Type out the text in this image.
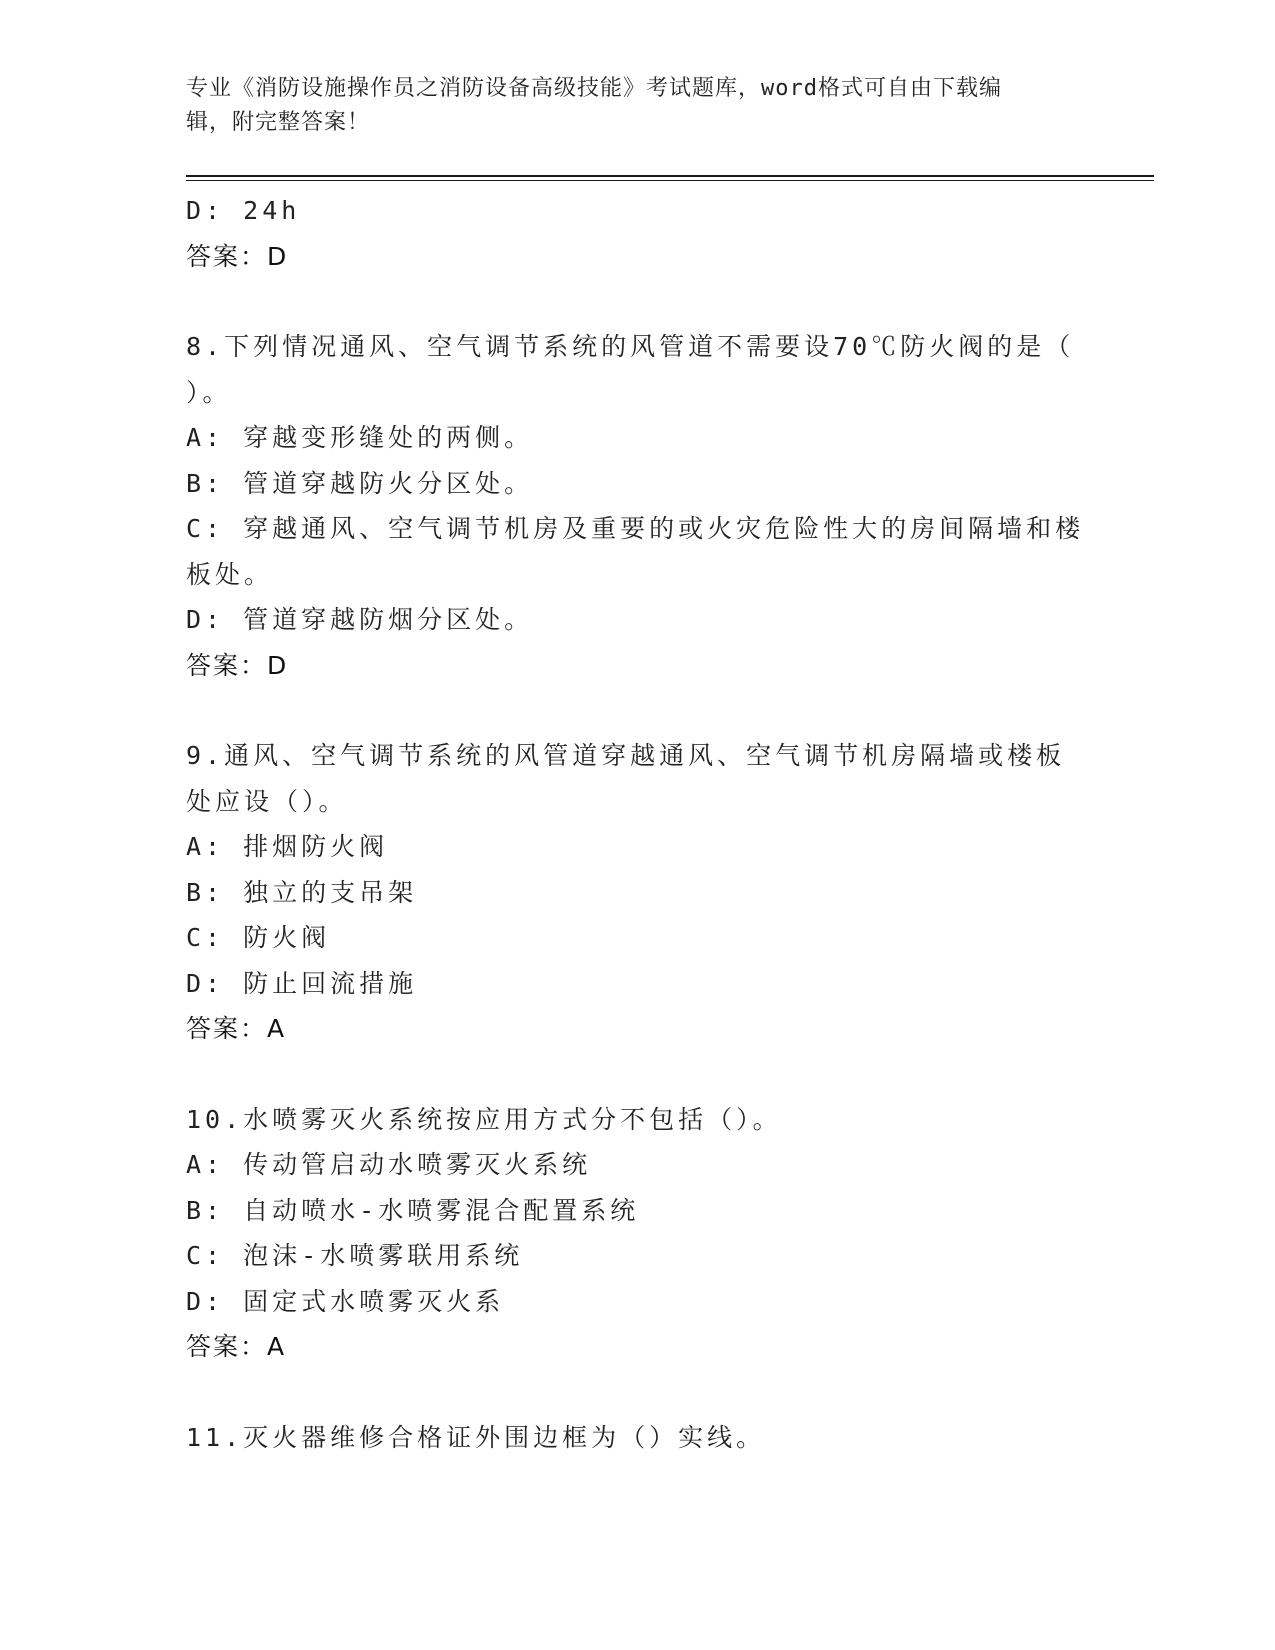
专业《消防设施操作员之消防设备高级技能》考试题库，word格式可自由下载编
辑，附完整答案！
D: 24h
答案：D
8.下列情况通风、空气调节系统的风管道不需要设70℃防火阀的是（
）。
A: 穿越变形缝处的两侧。
B: 管道穿越防火分区处。
C: 穿越通风、空气调节机房及重要的或火灾危险性大的房间隔墙和楼
板处。
D: 管道穿越防烟分区处。
答案：D
9.通风、空气调节系统的风管道穿越通风、空气调节机房隔墙或楼板
处应设（）。
A: 排烟防火阀
B: 独立的支吊架
C: 防火阀
D: 防止回流措施
答案：A
10.水喷雾灭火系统按应用方式分不包括（）。
A: 传动管启动水喷雾灭火系统
B: 自动喷水-水喷雾混合配置系统
C: 泡沫-水喷雾联用系统
D: 固定式水喷雾灭火系
答案：A
11.灭火器维修合格证外围边框为（）实线。
